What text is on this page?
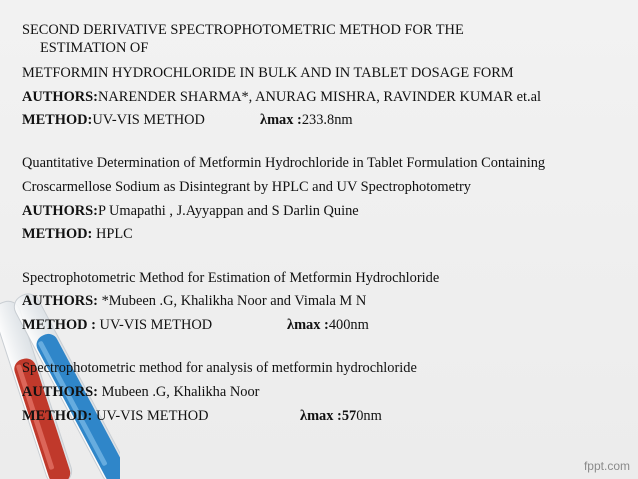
SECOND DERIVATIVE SPECTROPHOTOMETRIC METHOD FOR THE
ESTIMATION OF
METFORMIN HYDROCHLORIDE IN BULK AND IN TABLET DOSAGE FORM
AUTHORS:NARENDER SHARMA*, ANURAG MISHRA, RAVINDER KUMAR et.al
METHOD:UV-VIS METHOD	λmax :233.8nm
Quantitative Determination of Metformin Hydrochloride in Tablet Formulation Containing
Croscarmellose Sodium as Disintegrant by HPLC and UV Spectrophotometry
AUTHORS:P Umapathi , J.Ayyappan and S Darlin Quine
METHOD: HPLC
Spectrophotometric Method for Estimation of Metformin Hydrochloride
AUTHORS: *Mubeen .G, Khalikha Noor and Vimala M N
METHOD : UV-VIS METHOD	λmax :400nm
Spectrophotometric method for analysis of metformin hydrochloride
AUTHORS: Mubeen .G, Khalikha Noor
METHOD: UV-VIS METHOD	λmax :570nm
fppt.com
